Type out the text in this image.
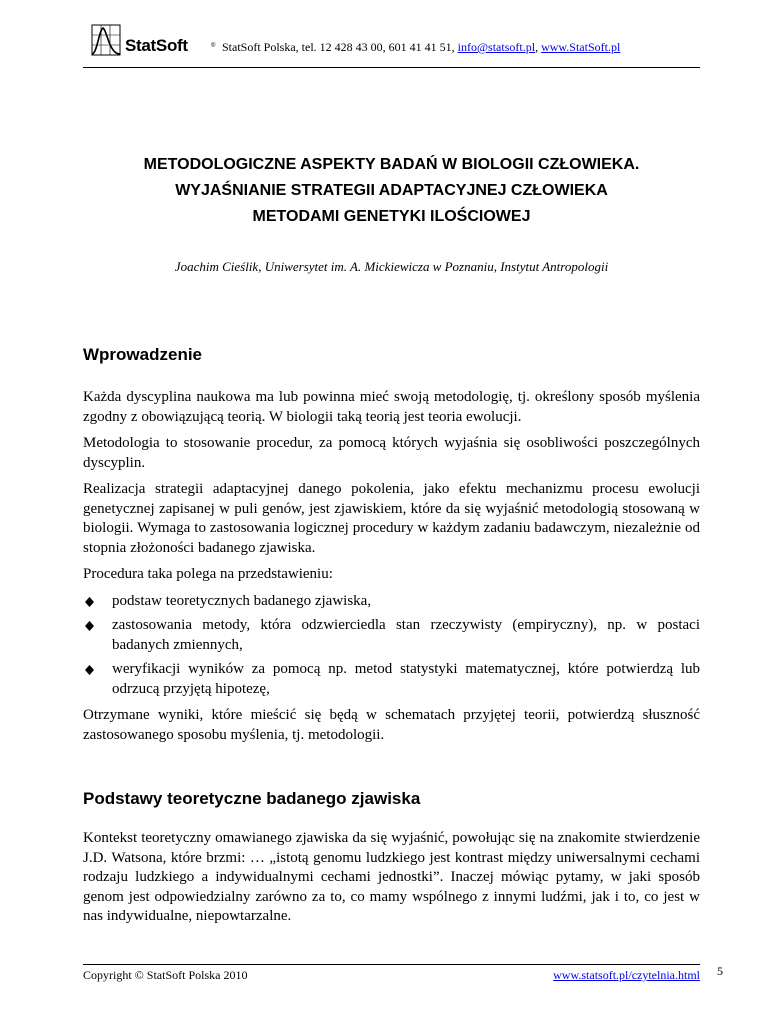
StatSoft	® StatSoft Polska, tel. 12 428 43 00, 601 41 41 51, info@statsoft.pl, www.StatSoft.pl
METODOLOGICZNE ASPEKTY BADAŃ W BIOLOGII CZŁOWIEKA.
WYJAŚNIANIE STRATEGII ADAPTACYJNEJ CZŁOWIEKA
METODAMI GENETYKI ILOŚCIOWEJ

Joachim Cieślik, Uniwersytet im. A. Mickiewicza w Poznaniu, Instytut Antropologii

Wprowadzenie

Każda dyscyplina naukowa ma lub powinna mieć swoją metodologię, tj. określony sposób myślenia zgodny z obowiązującą teorią. W biologii taką teorią jest teoria ewolucji.

Metodologia to stosowanie procedur, za pomocą których wyjaśnia się osobliwości poszczególnych dyscyplin.

Realizacja strategii adaptacyjnej danego pokolenia, jako efektu mechanizmu procesu ewolucji genetycznej zapisanej w puli genów, jest zjawiskiem, które da się wyjaśnić metodologią stosowaną w biologii. Wymaga to zastosowania logicznej procedury w każdym zadaniu badawczym, niezależnie od stopnia złożoności badanego zjawiska.

Procedura taka polega na przedstawieniu:

podstaw teoretycznych badanego zjawiska,
zastosowania metody, która odzwierciedla stan rzeczywisty (empiryczny), np. w postaci badanych zmiennych,
weryfikacji wyników za pomocą np. metod statystyki matematycznej, które potwierdzą lub odrzucą przyjętą hipotezę,

Otrzymane wyniki, które mieścić się będą w schematach przyjętej teorii, potwierdzą słuszność zastosowanego sposobu myślenia, tj. metodologii.

Podstawy teoretyczne badanego zjawiska

Kontekst teoretyczny omawianego zjawiska da się wyjaśnić, powołując się na znakomite stwierdzenie J.D. Watsona, które brzmi: … „istotą genomu ludzkiego jest kontrast między uniwersalnymi cechami rodzaju ludzkiego a indywidualnymi cechami jednostki”. Inaczej mówiąc pytamy, w jaki sposób genom jest odpowiedzialny zarówno za to, co mamy wspólnego z innymi ludźmi, jak i to, co jest w nas indywidualne, niepowtarzalne.

Copyright © StatSoft Polska 2010	www.statsoft.pl/czytelnia.html 5
